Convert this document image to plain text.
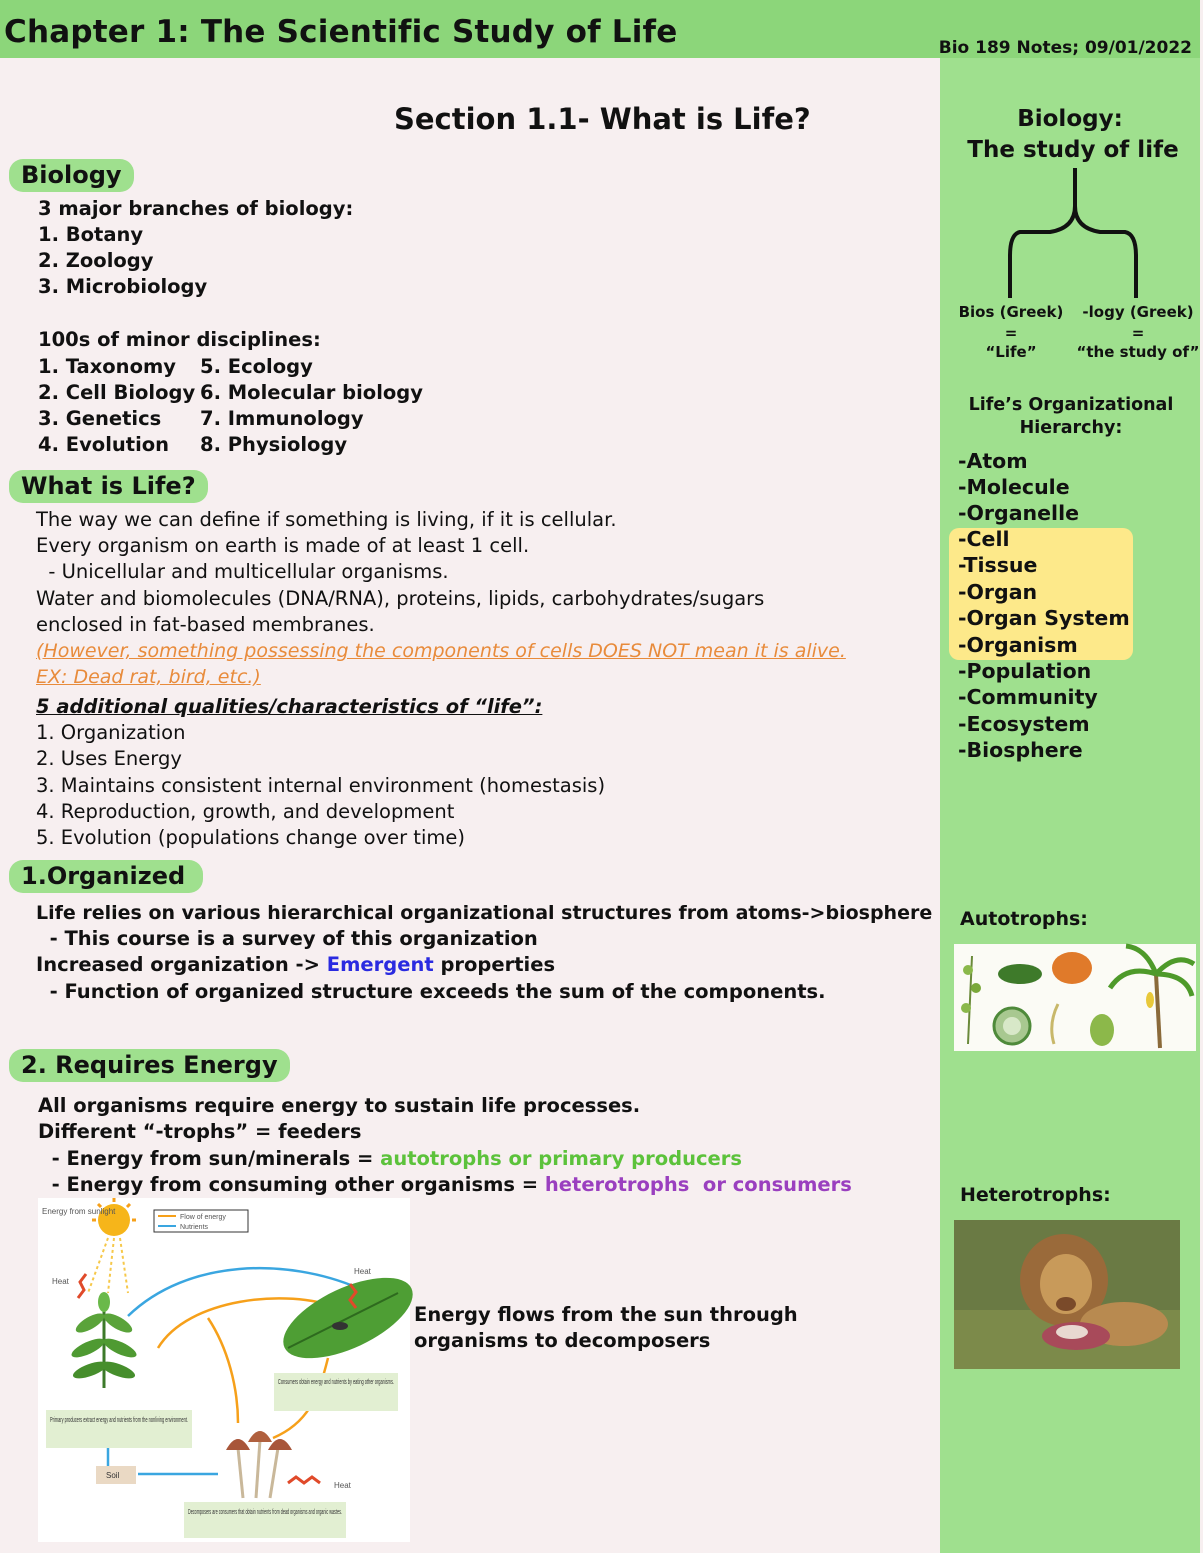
Chapter 1: The Scientific Study of Life	Bio 189 Notes; 09/01/2022
Section 1.1- What is Life?
Biology
3 major branches of biology:
1. Botany
2. Zoology
3. Microbiology
100s of minor disciplines:
1. Taxonomy
2. Cell Biology
3. Genetics
4. Evolution
5. Ecology
6. Molecular biology
7. Immunology
8. Physiology
What is Life?
The way we can define if something is living, if it is cellular.
Every organism on earth is made of at least 1 cell.
- Unicellular and multicellular organisms.
Water and biomolecules (DNA/RNA), proteins, lipids, carbohydrates/sugars
enclosed in fat-based membranes.
(However, something possessing the components of cells DOES NOT mean it is alive.
EX: Dead rat, bird, etc.)
5 additional qualities/characteristics of “life”:
1. Organization
2. Uses Energy
3. Maintains consistent internal environment (homestasis)
4. Reproduction, growth, and development
5. Evolution (populations change over time)
1.Organized
Life relies on various hierarchical organizational structures from atoms->biosphere
- This course is a survey of this organization
Increased organization -> Emergent properties
- Function of organized structure exceeds the sum of the components.
2. Requires Energy
All organisms require energy to sustain life processes.
Different “-trophs” = feeders
- Energy from sun/minerals = autotrophs or primary producers
- Energy from consuming other organisms = heterotrophs  or consumers
Energy from sunlight
Flow of energy
Nutrients
Heat
Heat
Heat
Consumers obtain energy and nutrients by eating other organisms.
Primary producers extract energy and nutrients from the nonliving environment.
Soil
Decomposers are consumers that obtain nutrients from dead organisms and organic wastes.
Energy flows from the sun through
organisms to decomposers
Biology:
The study of life
Bios (Greek)	-logy (Greek)
=	=
“Life”	“the study of”
Life’s Organizational
Hierarchy:
-Atom
-Molecule
-Organelle
-Cell
-Tissue
-Organ
-Organ System
-Organism
-Population
-Community
-Ecosystem
-Biosphere
Autotrophs:
Heterotrophs:
